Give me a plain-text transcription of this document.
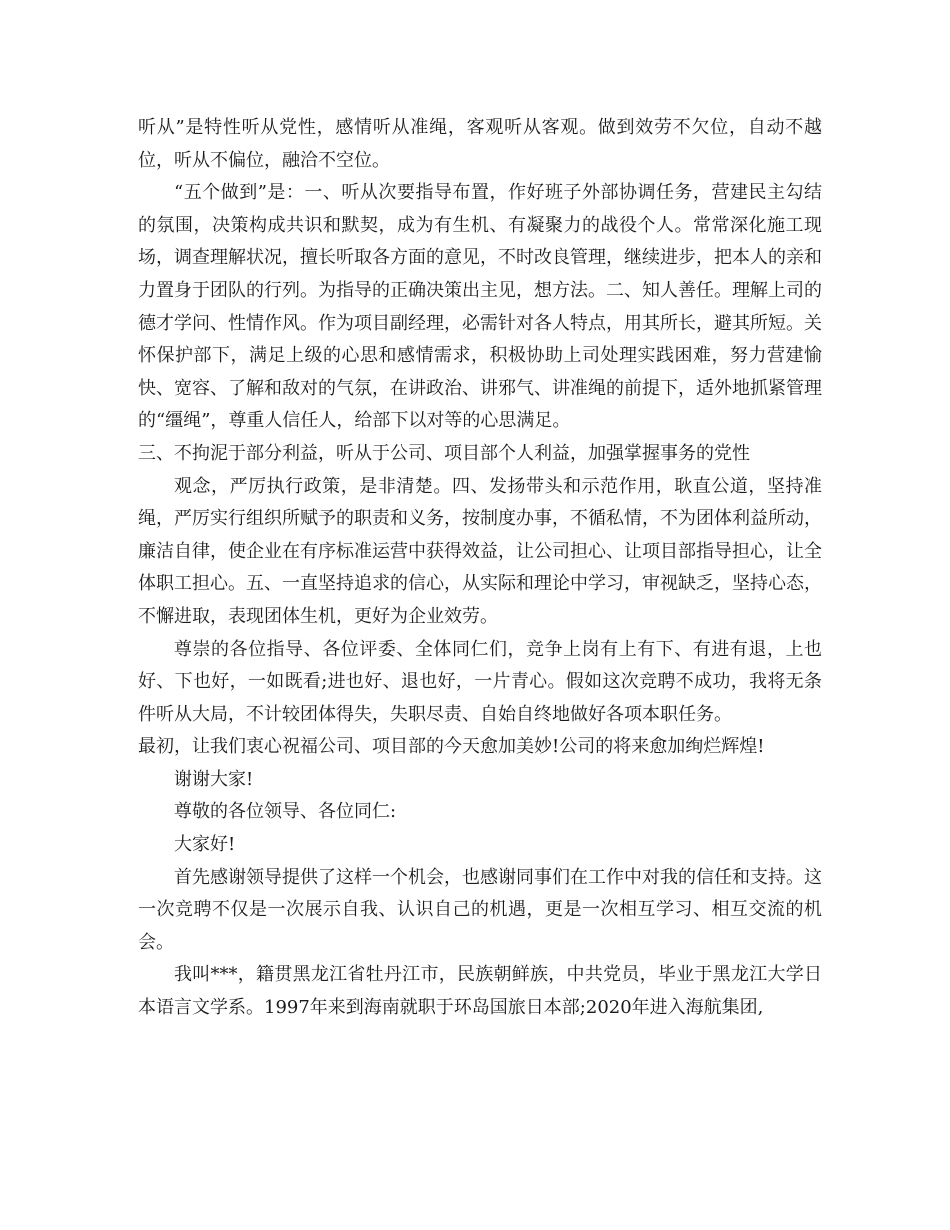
听从”是特性听从党性，感情听从准绳，客观听从客观。做到效劳不欠位，自动不越位，听从不偏位，融洽不空位。

“五个做到”是：一、听从次要指导布置，作好班子外部协调任务，营建民主勾结的氛围，决策构成共识和默契，成为有生机、有凝聚力的战役个人。常常深化施工现场，调查理解状况，擅长听取各方面的意见，不时改良管理，继续进步，把本人的亲和力置身于团队的行列。为指导的正确决策出主见，想方法。二、知人善任。理解上司的德才学问、性情作风。作为项目副经理，必需针对各人特点，用其所长，避其所短。关怀保护部下，满足上级的心思和感情需求，积极协助上司处理实践困难，努力营建愉快、宽容、了解和敌对的气氛，在讲政治、讲邪气、讲准绳的前提下，适外地抓紧管理的“缰绳”，尊重人信任人，给部下以对等的心思满足。

三、不拘泥于部分利益，听从于公司、项目部个人利益，加强掌握事务的党性

观念，严厉执行政策，是非清楚。四、发扬带头和示范作用，耿直公道，坚持准绳，严厉实行组织所赋予的职责和义务，按制度办事，不循私情，不为团体利益所动，廉洁自律，使企业在有序标准运营中获得效益，让公司担心、让项目部指导担心，让全体职工担心。五、一直坚持追求的信心，从实际和理论中学习，审视缺乏，坚持心态，不懈进取，表现团体生机，更好为企业效劳。

尊崇的各位指导、各位评委、全体同仁们，竞争上岗有上有下、有进有退，上也好、下也好，一如既看;进也好、退也好，一片青心。假如这次竞聘不成功，我将无条件听从大局，不计较团体得失，失职尽责、自始自终地做好各项本职任务。

最初，让我们衷心祝福公司、项目部的今天愈加美妙!公司的将来愈加绚烂辉煌!

谢谢大家!

尊敬的各位领导、各位同仁:

大家好!

首先感谢领导提供了这样一个机会，也感谢同事们在工作中对我的信任和支持。这一次竞聘不仅是一次展示自我、认识自己的机遇，更是一次相互学习、相互交流的机会。

我叫***，籍贯黑龙江省牡丹江市，民族朝鲜族，中共党员，毕业于黑龙江大学日本语言文学系。1997年来到海南就职于环岛国旅日本部;2020年进入海航集团,
